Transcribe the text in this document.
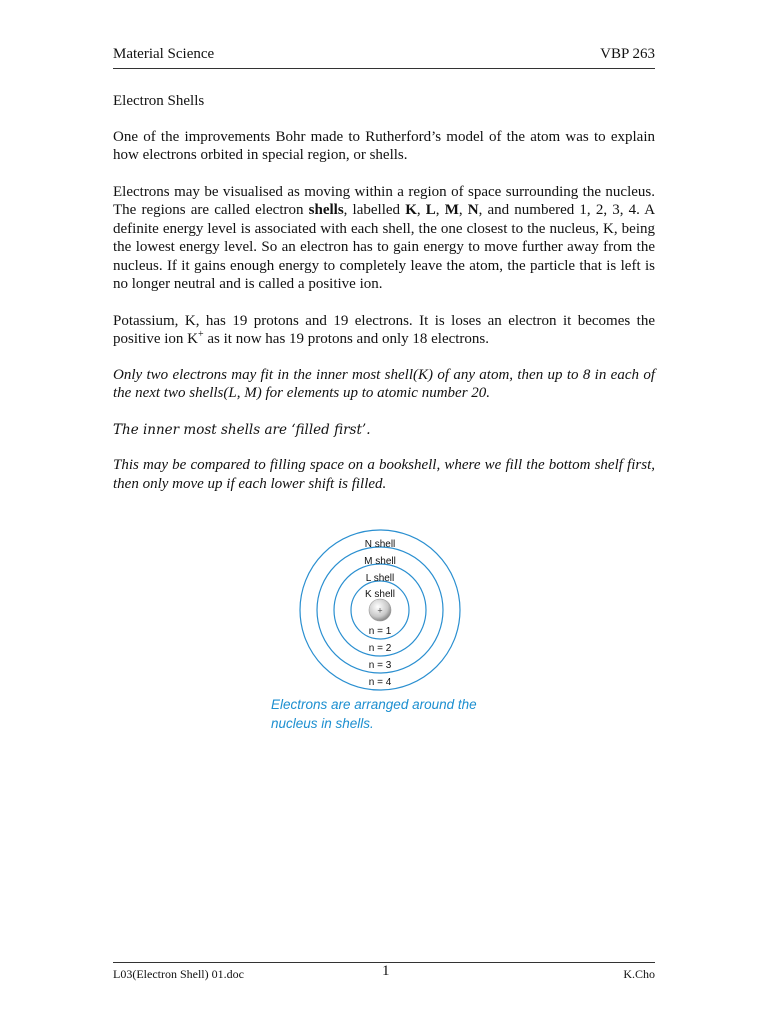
Material Science	VBP 263

Electron Shells

One of the improvements Bohr made to Rutherford’s model of the atom was to explain how electrons orbited in special region, or shells.

Electrons may be visualised as moving within a region of space surrounding the nucleus. The regions are called electron shells, labelled K, L, M, N, and numbered 1, 2, 3, 4. A definite energy level is associated with each shell, the one closest to the nucleus, K, being the lowest energy level. So an electron has to gain energy to move further away from the nucleus. If it gains enough energy to completely leave the atom, the particle that is left is no longer neutral and is called a positive ion.

Potassium, K, has 19 protons and 19 electrons. It is loses an electron it becomes the positive ion K+ as it now has 19 protons and only 18 electrons.

Only two electrons may fit in the inner most shell(K) of any atom, then up to 8 in each of the next two shells(L, M) for elements up to atomic number 20.

The inner most shells are ‘filled first’.

This may be compared to filling space on a bookshell, where we fill the bottom shelf first, then only move up if each lower shift is filled.

+
N shell
M shell
L shell
K shell
n = 1
n = 2
n = 3
n = 4
Electrons are arranged around the
nucleus in shells.
L03(Electron Shell) 01.doc	1	K.Cho
